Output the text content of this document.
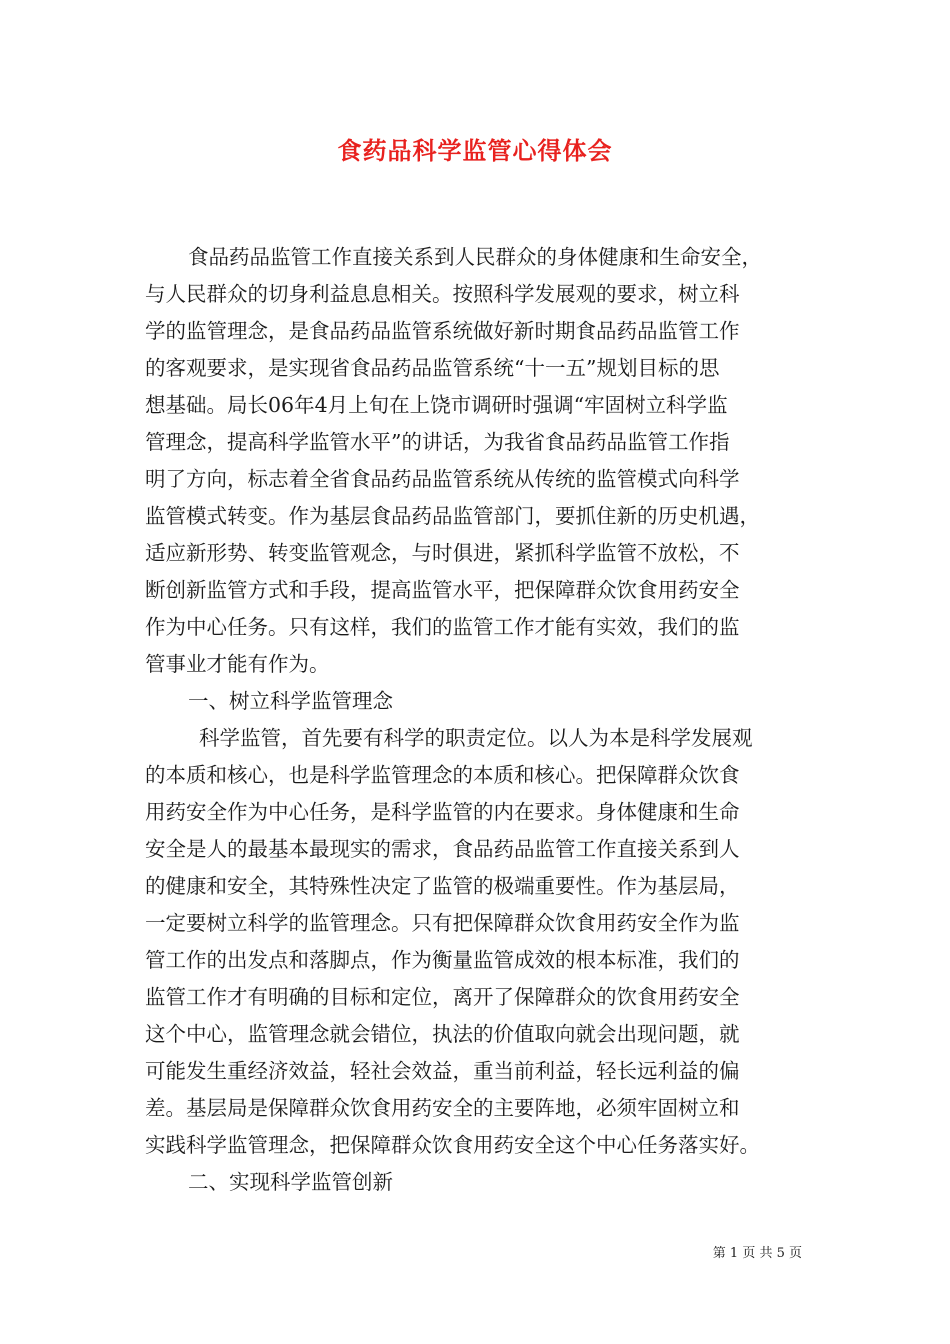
食药品科学监管心得体会
食品药品监管工作直接关系到人民群众的身体健康和生命安全，
与人民群众的切身利益息息相关。按照科学发展观的要求，树立科
学的监管理念，是食品药品监管系统做好新时期食品药品监管工作
的客观要求，是实现省食品药品监管系统“十一五”规划目标的思
想基础。局长06年4月上旬在上饶市调研时强调“牢固树立科学监
管理念，提高科学监管水平”的讲话，为我省食品药品监管工作指
明了方向，标志着全省食品药品监管系统从传统的监管模式向科学
监管模式转变。作为基层食品药品监管部门，要抓住新的历史机遇，
适应新形势、转变监管观念，与时俱进，紧抓科学监管不放松，不
断创新监管方式和手段，提高监管水平，把保障群众饮食用药安全
作为中心任务。只有这样，我们的监管工作才能有实效，我们的监
管事业才能有作为。
一、树立科学监管理念
科学监管，首先要有科学的职责定位。以人为本是科学发展观
的本质和核心，也是科学监管理念的本质和核心。把保障群众饮食
用药安全作为中心任务，是科学监管的内在要求。身体健康和生命
安全是人的最基本最现实的需求，食品药品监管工作直接关系到人
的健康和安全，其特殊性决定了监管的极端重要性。作为基层局，
一定要树立科学的监管理念。只有把保障群众饮食用药安全作为监
管工作的出发点和落脚点，作为衡量监管成效的根本标准，我们的
监管工作才有明确的目标和定位，离开了保障群众的饮食用药安全
这个中心，监管理念就会错位，执法的价值取向就会出现问题，就
可能发生重经济效益，轻社会效益，重当前利益，轻长远利益的偏
差。基层局是保障群众饮食用药安全的主要阵地，必须牢固树立和
实践科学监管理念，把保障群众饮食用药安全这个中心任务落实好。
二、实现科学监管创新
第 1 页 共 5 页
